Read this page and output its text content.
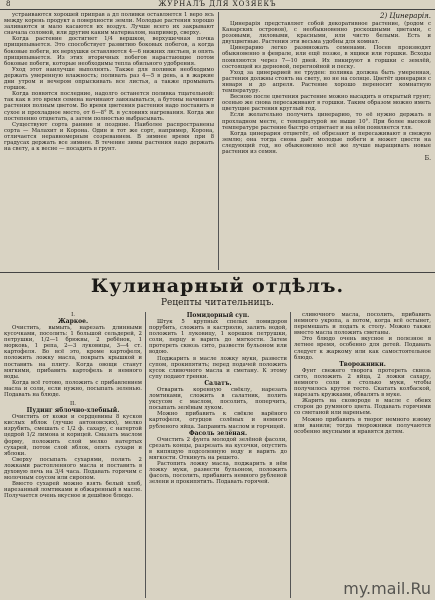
8	ЖУРНАЛЪ ДЛЯ ХОЗЯЕКЪ

устраиваются хорошей приправ а дл поливки оставляется 1 веро ясь между корень продукт а поверхности земли. Молодые растения хорошо заливаются и мало касаются их воздух. Лучше всего их закрывают сначала соломой, или другим каким материалом, например, сверху.

Когда растение достигнет 1/4 вершков, верхушечная почка прищипывается. Это способствует развитию боковых побегов, а когда боковые побеги, их верхушки оставляются 4—6 нижних листьев, и опять прищипывается. Из этих вторичных побегов нарастающие потом боковые побеги, которые необходимы тепла обильного удобрения.

Уход этот наилучше выполнять. Также для поливки необходимо держать умеренную влажность; поливать раз 4—5 в день, а в жаркие дни утром и вечером опрыскивать все листья, а также промывать горшок.

Когда появятся последние, надолго останется поливка тщательной: так как в это время семена начинают завязываться, а бутоны начинают растения полным цветом. Во время цветения растения надо поставить в сухое и прохладное место, от 6—8° R. в условиях нагревания. Когда же постепенно отцветать, а затем полностью выбрасывать.

Существуют сорта ранние и поздние. Наиболее распространены сорта — Малахит и Корона. Один и тот же сорт, например, Корона, отличается неравномерным созреванием. В зимнее время при 8 градусах держать все зимнее. В течение зимы растения надо держать на свету, а к весне — посадить в грунт.

2) Цинерарія.

Цинерарія представляет собой декоративное растение, (родом с Канарских островов), с необыкновенно роскошными цветами, с розовыми, лиловыми, красными, или чисто белыми. Есть и двухцветные. Растения эти весьма удобны для комнат.

Цинерарию легко размножать семенами. Посев производят обыкновенно в феврале, или ещё позже, в ящики или горшки. Всходы появляются через 7—10 дней. Их пикируют в горшки с землёй, состоящей из дерновой, перегнойной и песку.

Уход за цинерарией не труден: поливка должна быть умеренная, растения должны стоять на свету, но не на солнце. Цветёт цинерария с января и до апреля. Растение хорошо переносит комнатную температуру.

Весною после цветения растение можно высадить в открытый грунт; осенью же снова пересаживают в горшки. Таким образом можно иметь цветущие растения круглый год.

Если желательно получить цинерарию, то её нужно держать в прохладном месте, с температурой не выше 10°. При более высокой температуре растение быстро отцветает и на нём появляется тля.

Когда цинерария отцветёт, её обрезают и пересаживают в свежую землю; она тогда снова даёт молодые побеги и может цвести на следующий год, но обыкновенно всё же лучше выращивать новые растения из семян.

Б.

Кулинарный отдѣлъ.
Рецепты читательницъ.

I.

Жаркое.

Очистить, вымыть, нарезать длинными кусочками, посолить: 1 большой сельдерей, 2 петрушки, 1/2—1 брюквы, 2 ребёнок, 1 морковь, 1 репа, 2—3 луковицы, 3—4 ст. картофеля. Во всё это, кроме картофеля, положить ложку масла, покрыть крышкой и поставить на плиту. Когда овощи станут мягкими, прибавить картофель и немного воды.

Когда всё готово, положить с прибавлением масла и соли, если нужно, посыпать зеленью. Подавать на блюде.

II.

Пудинг яблочно-хлебный.

Очистить от кожи и сердцевины 8 кусков кислых яблок (лучше антоновских), мелко изрубить, смешать с 1/2 ф. сахару, с натертой цедрой 1/2 лимона и корицей. Смазать маслом форму, положить слой мелко натертых сухарей, потом слой яблок, опять сухари и яблоки.

Сверху посыпать сухарями, полить 2 ложками растопленного масла и поставить в духовую печь на 3/4 часа. Подавать горячим с молочным соусом или сиропом.

Вместо сухарей можно взять белый хлеб, нарезанный ломтиками и обжаренный в масле. Получается очень вкусное и дешёвое блюдо.

Помидорный суп.

Штук 5 крупных спелых помидоров порубить, сложить в кастрюлю, залить водой, положить 1 луковицу, 1 корешок петрушки, соли, перцу и варить до мягкости. Затем протереть сквозь сито, развести бульоном или водою.

Поджарить в масле ложку муки, развести супом, прокипятить; перед подачей положить кусок сливочного масла и сметану. К этому супу подают гренки.

Салатъ.

Отварить коренную свёклу, нарезать ломтиками, сложить в салатник, полить уксусом с маслом, посолить, поперчить, посыпать зелёным луком.

Можно прибавить к свёкле варёного картофеля, огурцов солёных и немного рубленого яйца. Заправить маслом и горчицей.

Фасоль зелёная.

Очистить 2 фунта молодой зелёной фасоли, срезать концы, разрезать на кусочки, опустить в кипящую подсоленную воду и варить до мягкости. Откинуть на решето.

Растопить ложку масла, поджарить в нём ложку муки, развести бульоном, положить фасоль, посолить, прибавить немного рубленой зелени и прокипятить. Подавать горячей.

сливочного масла, посолить, прибавить немного укропа, а потом, когда всё остынет, перемешать и подать к столу. Можно также вместо масла положить сметаны.

Это блюдо очень вкусное и полезное в летнее время, особенно для детей. Подавать следует к жаркому или как самостоятельное блюдо.

Творожники.

Фунт свежего творога протереть сквозь сито, положить 2 яйца, 2 ложки сахару, немного соли и столько муки, чтобы получилось крутое тесто. Скатать колбаской, нарезать кружками, обвалять в муке.

Жарить на сковороде в масле с обеих сторон до румяного цвета. Подавать горячими со сметаной или вареньем.

Можно прибавить в творог немного изюму или ванили; тогда творожники получаются особенно вкусными и нравятся детям.

my.mail.Ru
